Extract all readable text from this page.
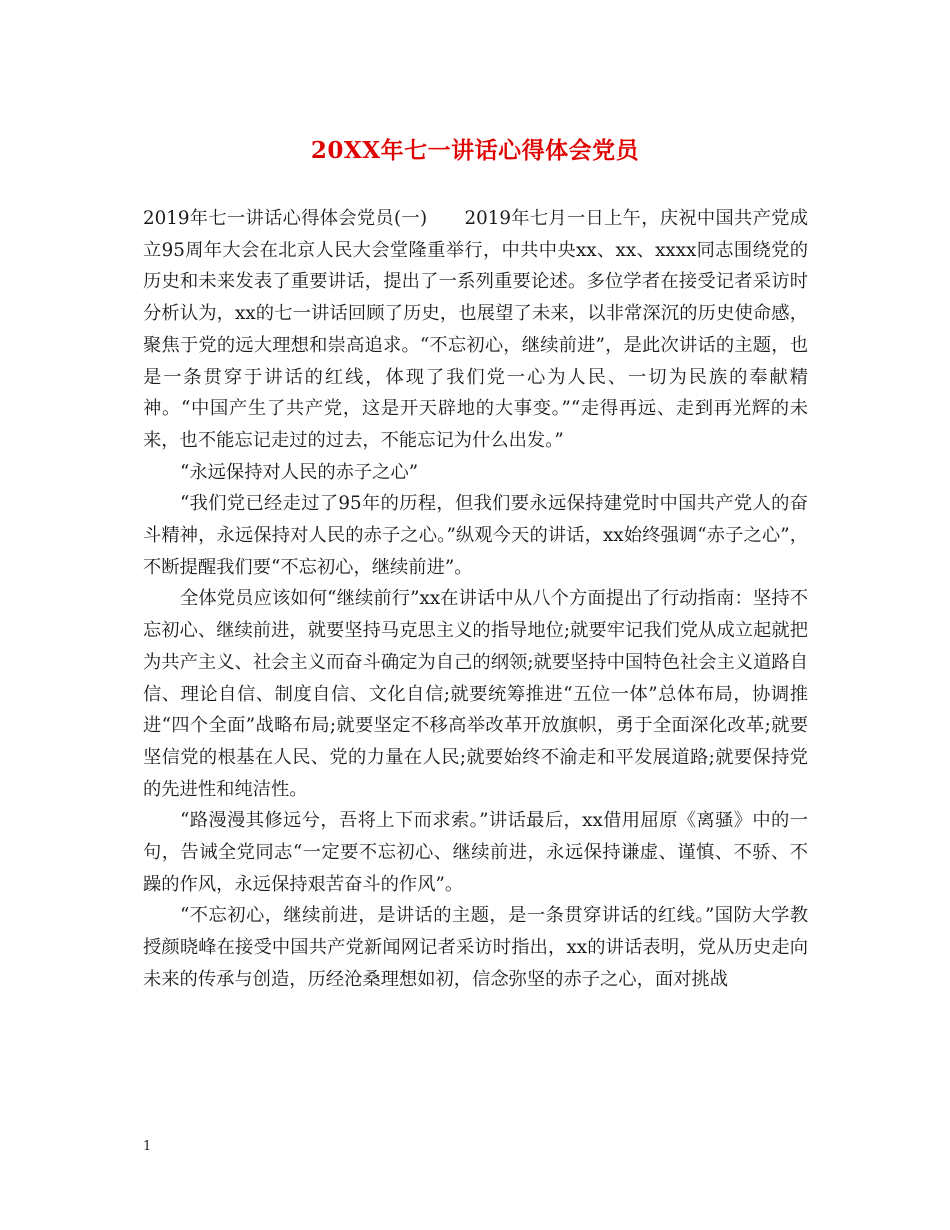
20XX年七一讲话心得体会党员

2019年七一讲话心得体会党员(一)　　2019年七月一日上午，庆祝中国共产党成立95周年大会在北京人民大会堂隆重举行，中共中央xx、xx、xxxx同志围绕党的历史和未来发表了重要讲话，提出了一系列重要论述。多位学者在接受记者采访时分析认为，xx的七一讲话回顾了历史，也展望了未来，以非常深沉的历史使命感，聚焦于党的远大理想和崇高追求。“不忘初心，继续前进”，是此次讲话的主题，也是一条贯穿于讲话的红线，体现了我们党一心为人民、一切为民族的奉献精神。“中国产生了共产党，这是开天辟地的大事变。”“走得再远、走到再光辉的未来，也不能忘记走过的过去，不能忘记为什么出发。”

“永远保持对人民的赤子之心”

“我们党已经走过了95年的历程，但我们要永远保持建党时中国共产党人的奋斗精神，永远保持对人民的赤子之心。”纵观今天的讲话，xx始终强调“赤子之心”，不断提醒我们要“不忘初心，继续前进”。

全体党员应该如何“继续前行”xx在讲话中从八个方面提出了行动指南：坚持不忘初心、继续前进，就要坚持马克思主义的指导地位;就要牢记我们党从成立起就把为共产主义、社会主义而奋斗确定为自己的纲领;就要坚持中国特色社会主义道路自信、理论自信、制度自信、文化自信;就要统筹推进“五位一体”总体布局，协调推进“四个全面”战略布局;就要坚定不移高举改革开放旗帜，勇于全面深化改革;就要坚信党的根基在人民、党的力量在人民;就要始终不渝走和平发展道路;就要保持党的先进性和纯洁性。

“路漫漫其修远兮，吾将上下而求索。”讲话最后，xx借用屈原《离骚》中的一句，告诫全党同志“一定要不忘初心、继续前进，永远保持谦虚、谨慎、不骄、不躁的作风，永远保持艰苦奋斗的作风”。

“不忘初心，继续前进，是讲话的主题，是一条贯穿讲话的红线。”国防大学教授颜晓峰在接受中国共产党新闻网记者采访时指出，xx的讲话表明，党从历史走向未来的传承与创造，历经沧桑理想如初，信念弥坚的赤子之心，面对挑战

1
